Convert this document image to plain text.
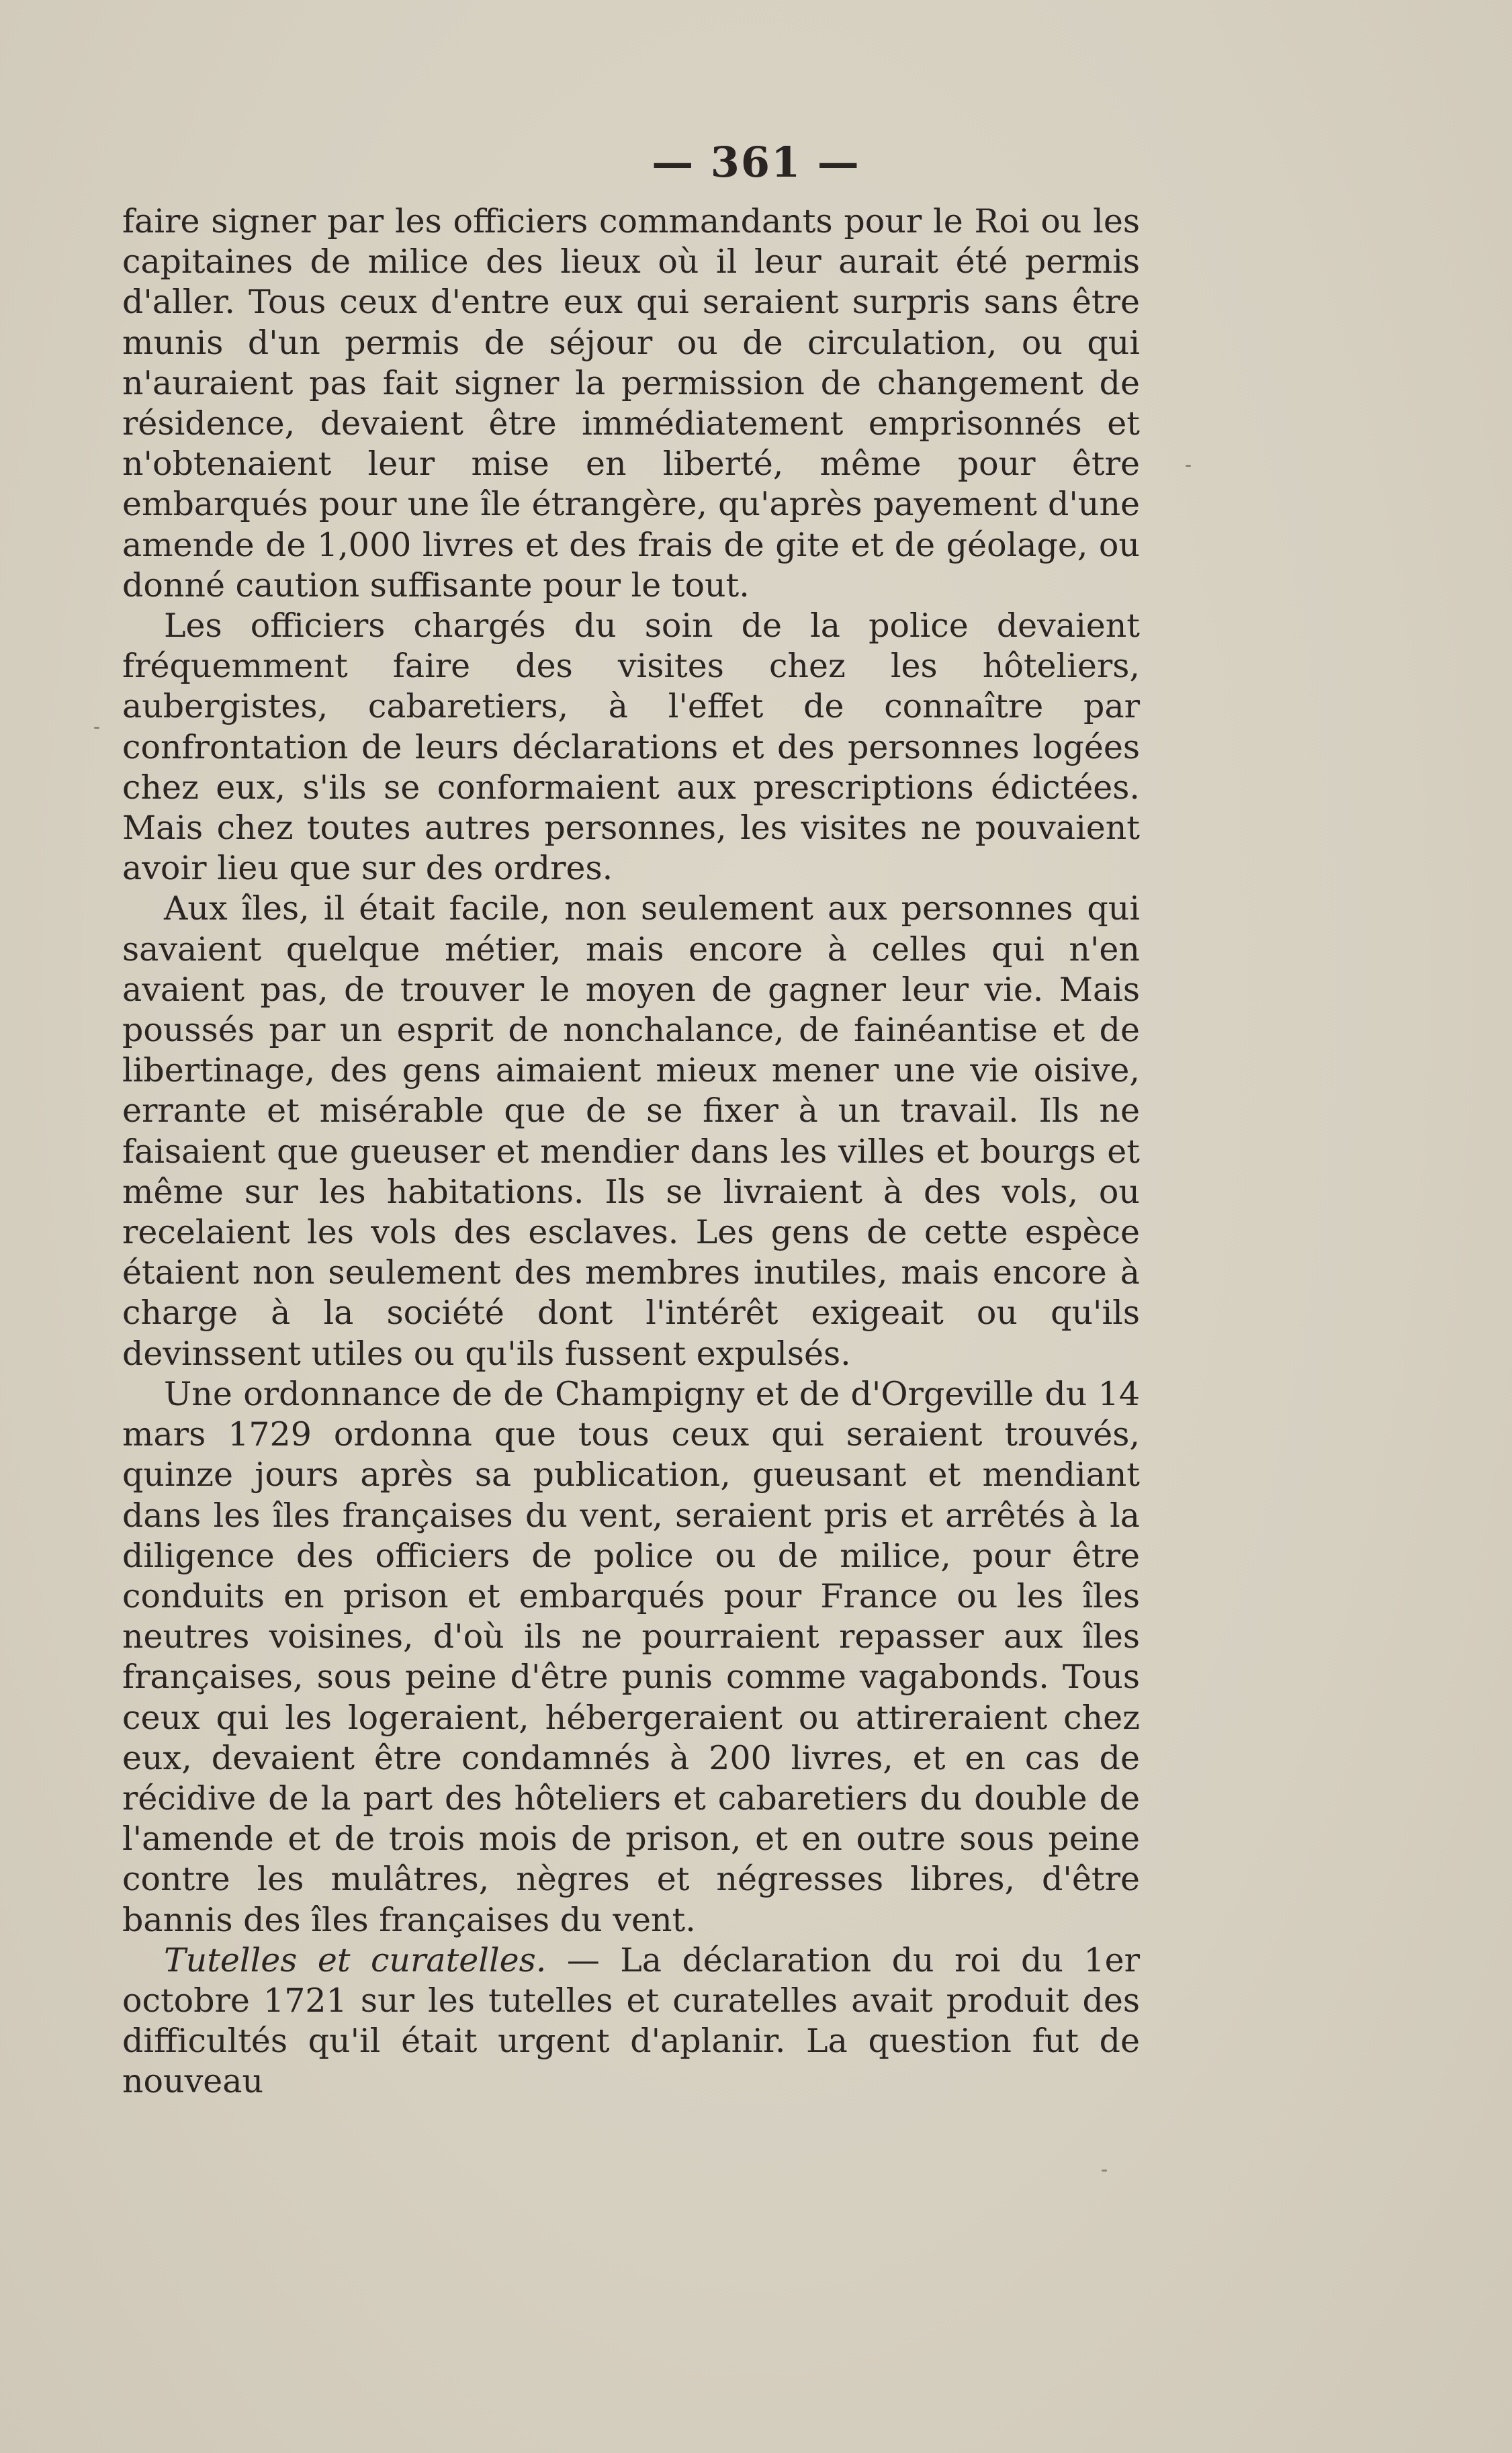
— 361 —

faire signer par les officiers commandants pour le Roi ou les capitaines de milice des lieux où il leur aurait été permis d'aller. Tous ceux d'entre eux qui seraient surpris sans être munis d'un permis de séjour ou de circulation, ou qui n'auraient pas fait signer la permission de changement de résidence, devaient être immédiatement emprisonnés et n'obtenaient leur mise en liberté, même pour être embarqués pour une île étrangère, qu'après payement d'une amende de 1,000 livres et des frais de gite et de géolage, ou donné caution suffisante pour le tout.

Les officiers chargés du soin de la police devaient fréquemment faire des visites chez les hôteliers, aubergistes, cabaretiers, à l'effet de connaître par confrontation de leurs déclarations et des personnes logées chez eux, s'ils se conformaient aux prescriptions édictées. Mais chez toutes autres personnes, les visites ne pouvaient avoir lieu que sur des ordres.

Aux îles, il était facile, non seulement aux personnes qui savaient quelque métier, mais encore à celles qui n'en avaient pas, de trouver le moyen de gagner leur vie. Mais poussés par un esprit de nonchalance, de fainéantise et de libertinage, des gens aimaient mieux mener une vie oisive, errante et misérable que de se fixer à un travail. Ils ne faisaient que gueuser et mendier dans les villes et bourgs et même sur les habitations. Ils se livraient à des vols, ou recelaient les vols des esclaves. Les gens de cette espèce étaient non seulement des membres inutiles, mais encore à charge à la société dont l'intérêt exigeait ou qu'ils devinssent utiles ou qu'ils fussent expulsés.

Une ordonnance de de Champigny et de d'Orgeville du 14 mars 1729 ordonna que tous ceux qui seraient trouvés, quinze jours après sa publication, gueusant et mendiant dans les îles françaises du vent, seraient pris et arrêtés à la diligence des officiers de police ou de milice, pour être conduits en prison et embarqués pour France ou les îles neutres voisines, d'où ils ne pourraient repasser aux îles françaises, sous peine d'être punis comme vagabonds. Tous ceux qui les logeraient, hébergeraient ou attireraient chez eux, devaient être condamnés à 200 livres, et en cas de récidive de la part des hôteliers et cabaretiers du double de l'amende et de trois mois de prison, et en outre sous peine contre les mulâtres, nègres et négresses libres, d'être bannis des îles françaises du vent.

Tutelles et curatelles. — La déclaration du roi du 1er octobre 1721 sur les tutelles et curatelles avait produit des difficultés qu'il était urgent d'aplanir. La question fut de nouveau
